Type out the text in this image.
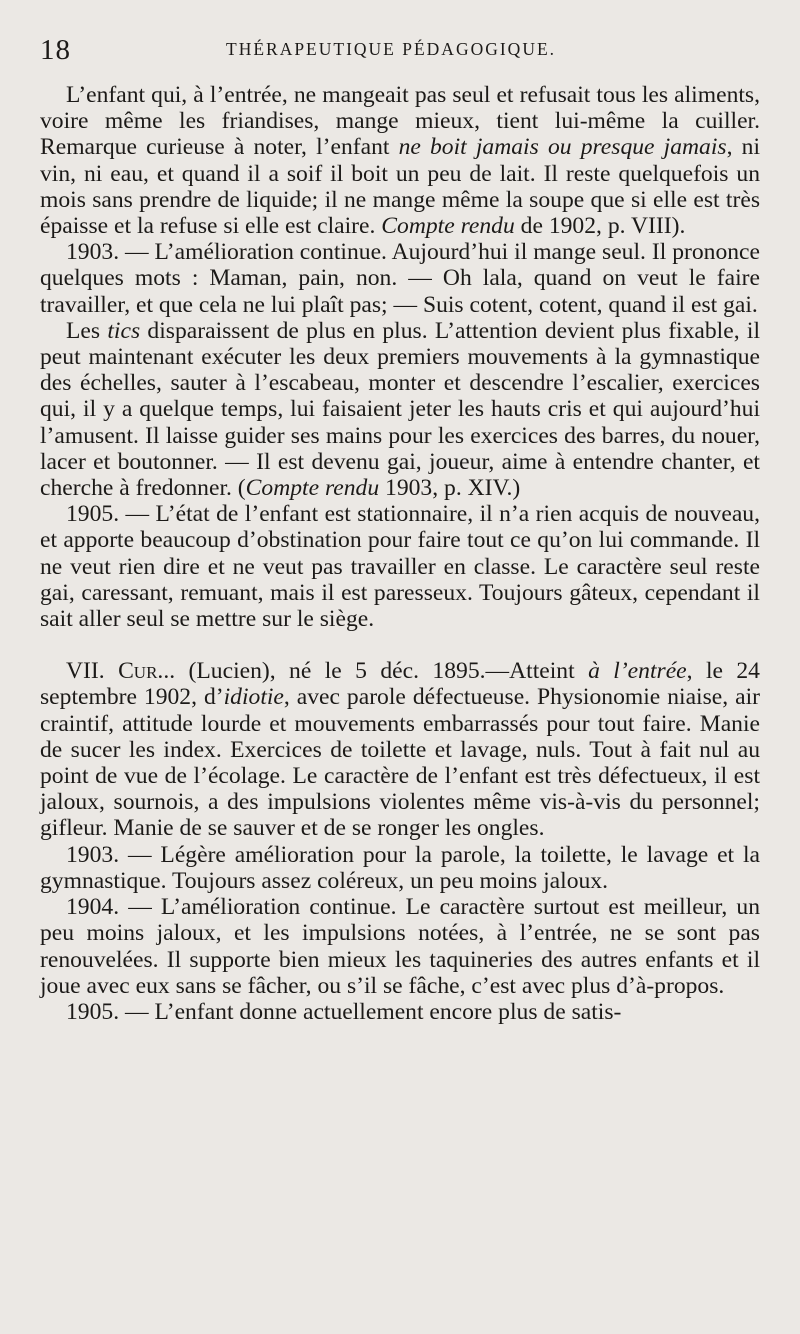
18	THÉRAPEUTIQUE PÉDAGOGIQUE.

L’enfant qui, à l’entrée, ne mangeait pas seul et refusait tous les aliments, voire même les friandises, mange mieux, tient lui-même la cuiller. Remarque curieuse à noter, l’enfant ne boit jamais ou presque jamais, ni vin, ni eau, et quand il a soif il boit un peu de lait. Il reste quelquefois un mois sans prendre de liquide; il ne mange même la soupe que si elle est très épaisse et la refuse si elle est claire. Compte rendu de 1902, p. VIII).

1903. — L’amélioration continue. Aujourd’hui il mange seul. Il prononce quelques mots : Maman, pain, non. — Oh lala, quand on veut le faire travailler, et que cela ne lui plaît pas; — Suis cotent, cotent, quand il est gai.

Les tics disparaissent de plus en plus. L’attention devient plus fixable, il peut maintenant exécuter les deux premiers mouvements à la gymnastique des échelles, sauter à l’escabeau, monter et descendre l’escalier, exercices qui, il y a quelque temps, lui faisaient jeter les hauts cris et qui aujourd’hui l’amusent. Il laisse guider ses mains pour les exercices des barres, du nouer, lacer et boutonner. — Il est devenu gai, joueur, aime à entendre chanter, et cherche à fredonner. (Compte rendu 1903, p. XIV.)

1905. — L’état de l’enfant est stationnaire, il n’a rien acquis de nouveau, et apporte beaucoup d’obstination pour faire tout ce qu’on lui commande. Il ne veut rien dire et ne veut pas travailler en classe. Le caractère seul reste gai, caressant, remuant, mais il est paresseux. Toujours gâteux, cependant il sait aller seul se mettre sur le siège.

VII. Cur... (Lucien), né le 5 déc. 1895.—Atteint à l’entrée, le 24 septembre 1902, d’idiotie, avec parole défectueuse. Physionomie niaise, air craintif, attitude lourde et mouvements embarrassés pour tout faire. Manie de sucer les index. Exercices de toilette et lavage, nuls. Tout à fait nul au point de vue de l’écolage. Le caractère de l’enfant est très défectueux, il est jaloux, sournois, a des impulsions violentes même vis-à-vis du personnel; gifleur. Manie de se sauver et de se ronger les ongles.

1903. — Légère amélioration pour la parole, la toilette, le lavage et la gymnastique. Toujours assez coléreux, un peu moins jaloux.

1904. — L’amélioration continue. Le caractère surtout est meilleur, un peu moins jaloux, et les impulsions notées, à l’entrée, ne se sont pas renouvelées. Il supporte bien mieux les taquineries des autres enfants et il joue avec eux sans se fâcher, ou s’il se fâche, c’est avec plus d’à-propos.

1905. — L’enfant donne actuellement encore plus de satis-
